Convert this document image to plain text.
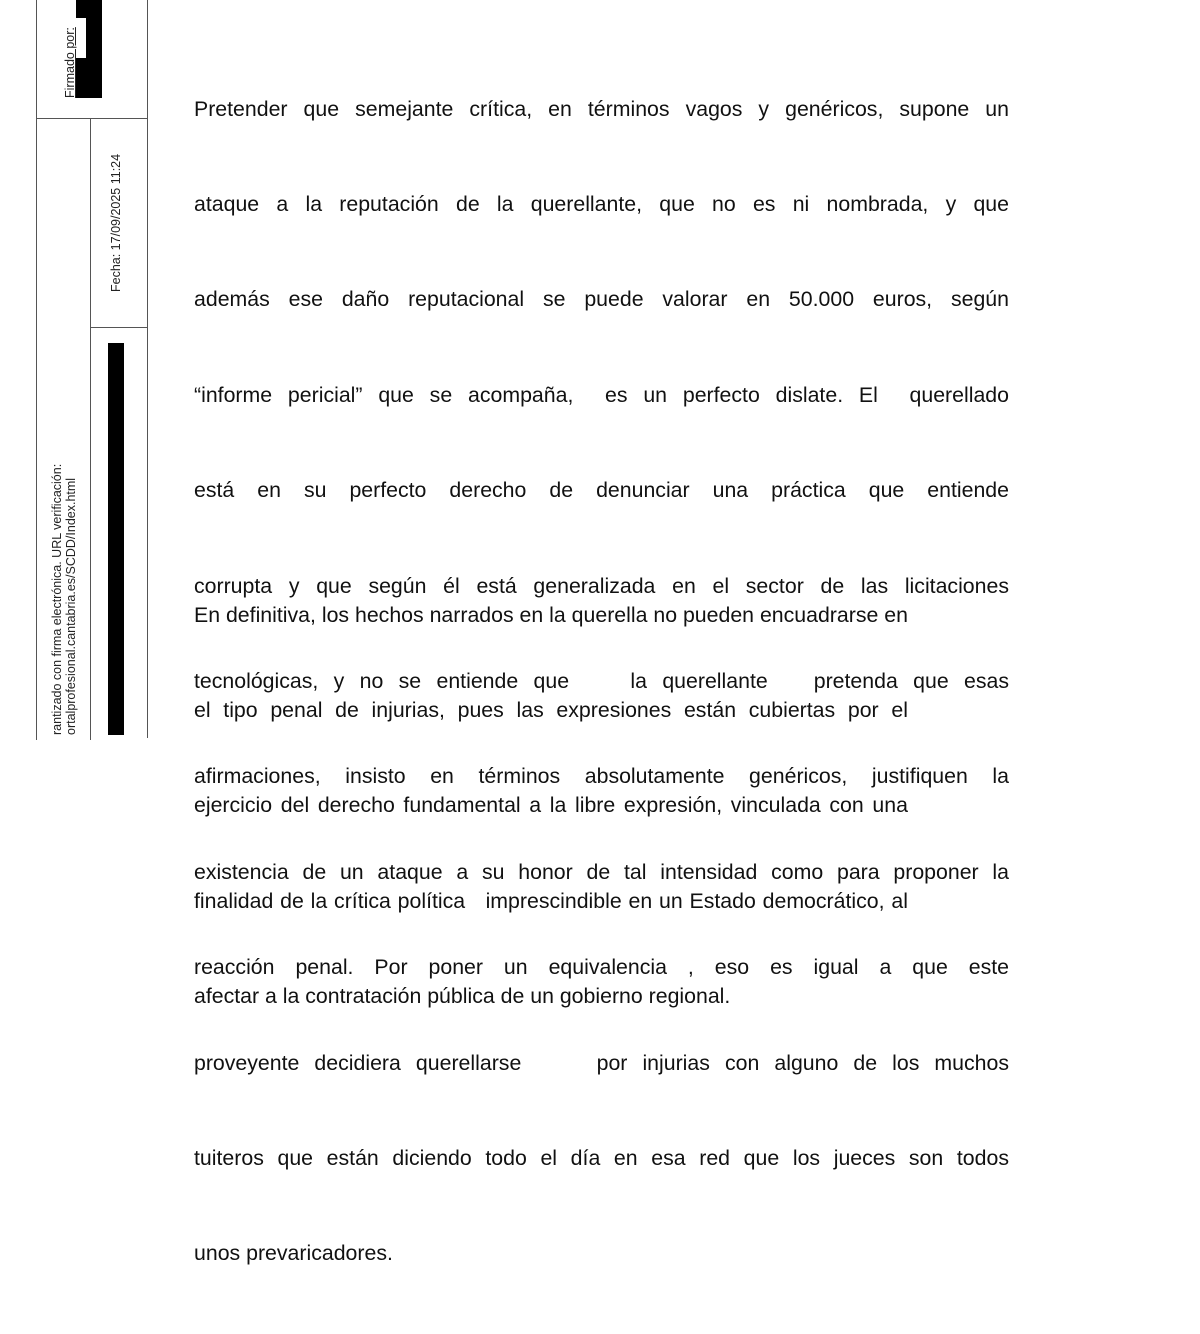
Firmado por:
Fecha: 17/09/2025 11:24
rantizado con firma electrónica. URL verificación: ortalprofesional.cantabria.es/SCDD/Index.html

Pretender que semejante crítica, en términos vagos y genéricos, supone un

ataque a la reputación de la querellante, que no es ni nombrada, y que

además ese daño reputacional se puede valorar en 50.000 euros, según

“informe pericial” que se acompaña,  es un perfecto dislate. El  querellado

está en su perfecto derecho de denunciar una práctica que entiende

corrupta y que según él está generalizada en el sector de las licitaciones

tecnológicas, y no se entiende que    la querellante   pretenda que esas

afirmaciones, insisto en términos absolutamente genéricos, justifiquen la

existencia de un ataque a su honor de tal intensidad como para proponer la

reacción penal. Por poner un equivalencia , eso es igual a que este

proveyente decidiera querellarse     por injurias con alguno de los muchos

tuiteros que están diciendo todo el día en esa red que los jueces son todos

unos prevaricadores.

En definitiva, los hechos narrados en la querella no pueden encuadrarse en

el tipo penal de injurias, pues las expresiones están cubiertas por el

ejercicio del derecho fundamental a la libre expresión, vinculada con una

finalidad de la crítica política   imprescindible en un Estado democrático, al

afectar a la contratación pública de un gobierno regional.
